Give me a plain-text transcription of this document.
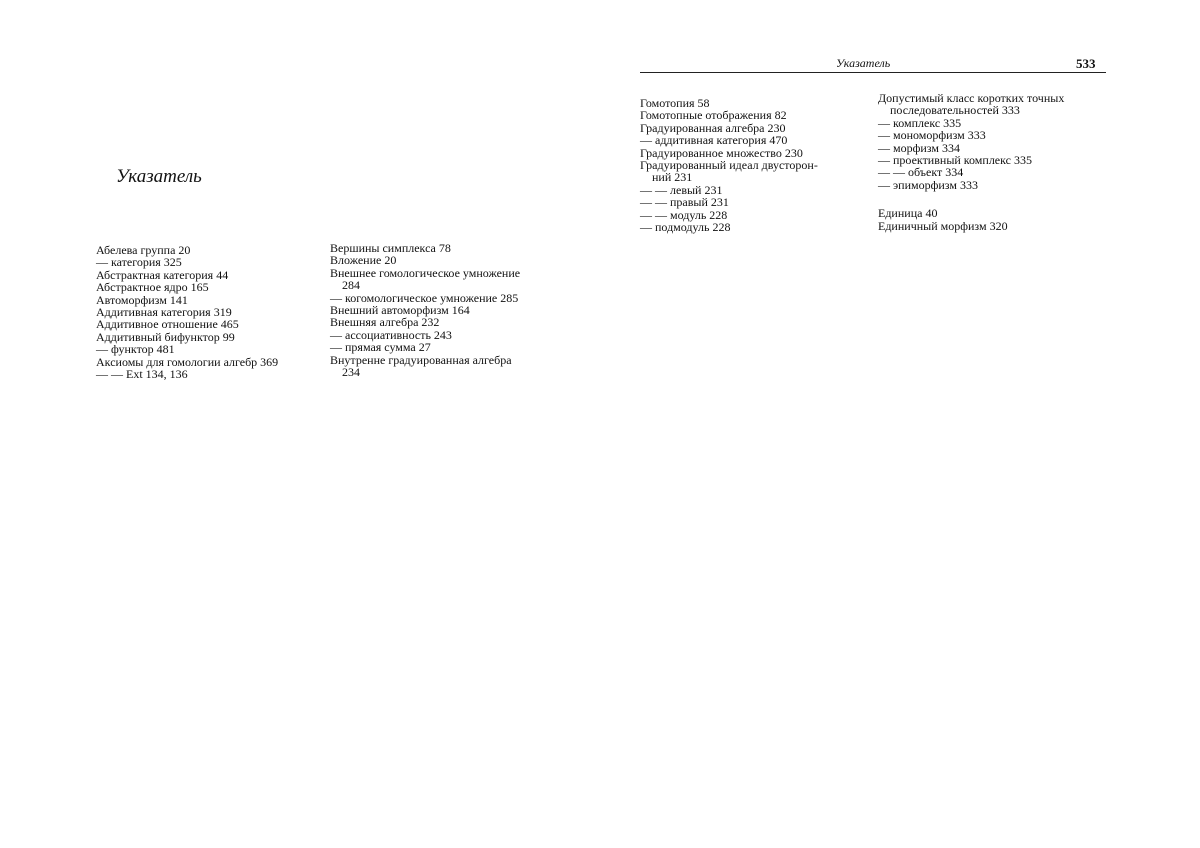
Указатель
Абелева группа 20
— категория 325
Абстрактная категория 44
Абстрактное ядро 165
Автоморфизм 141
Аддитивная категория 319
Аддитивное отношение 465
Аддитивный бифунктор 99
— функтор 481
Аксиомы для гомологии алгебр 369
— — Ext 134, 136
Вершины симплекса 78
Вложение 20
Внешнее гомологическое умножение
284
— когомологическое умножение 285
Внешний автоморфизм 164
Внешняя алгебра 232
— ассоциативность 243
— прямая сумма 27
Внутренне градуированная алгебра
234
Указатель	533
Гомотопия 58
Гомотопные отображения 82
Градуированная алгебра 230
— аддитивная категория 470
Градуированное множество 230
Градуированный идеал двусторон-
ний 231
— — левый 231
— — правый 231
— — модуль 228
— подмодуль 228
Допустимый класс коротких точных
последовательностей 333
— комплекс 335
— мономорфизм 333
— морфизм 334
— проективный комплекс 335
— — объект 334
— эпиморфизм 333
Единица 40
Единичный морфизм 320
